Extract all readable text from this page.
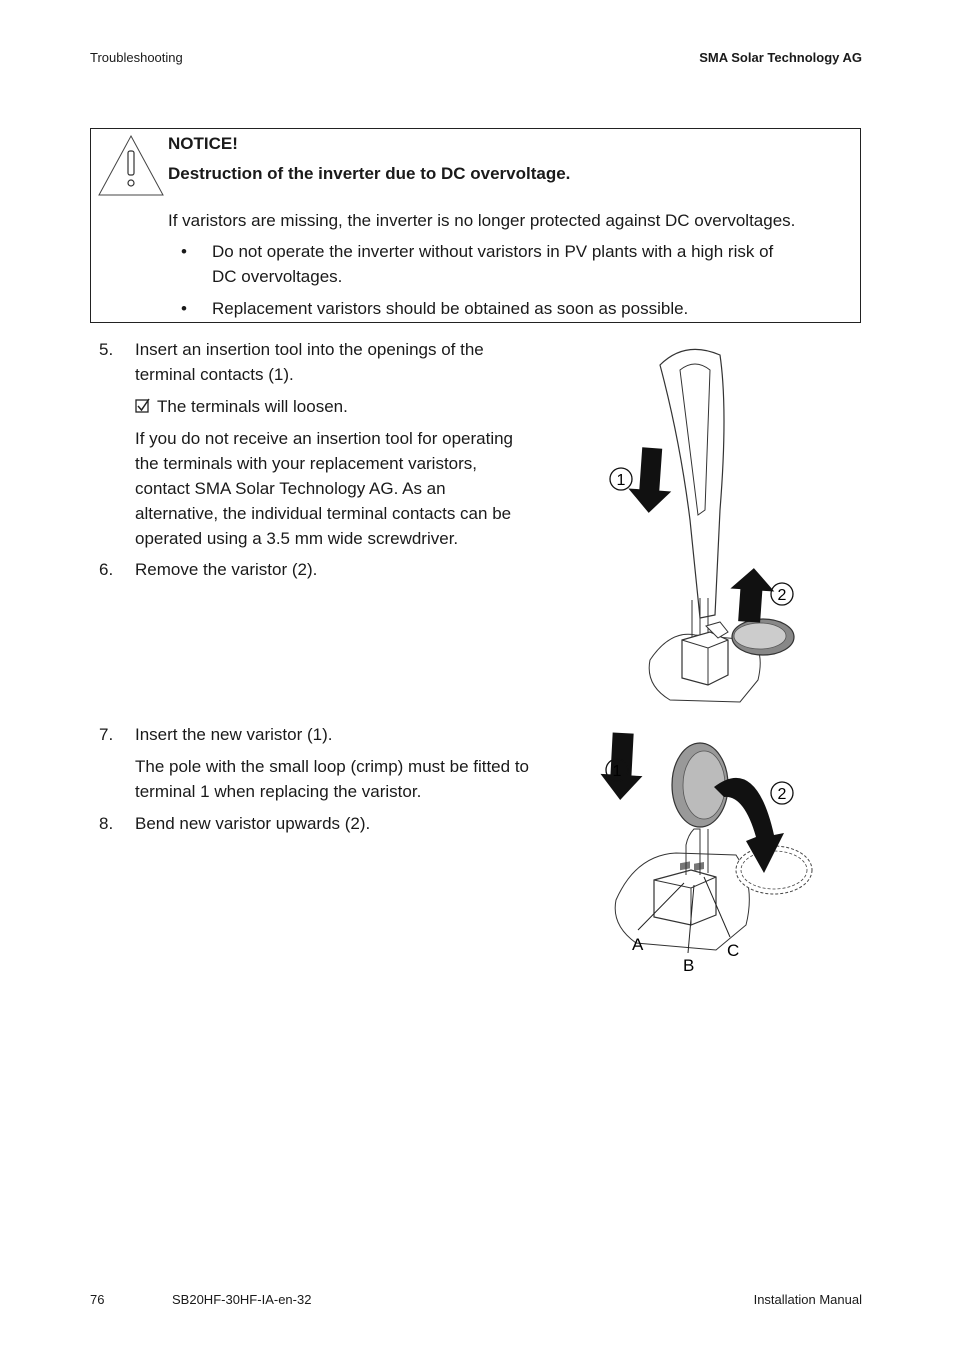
Troubleshooting	SMA Solar Technology AG
NOTICE!
Destruction of the inverter due to DC overvoltage.
If varistors are missing, the inverter is no longer protected against DC overvoltages.
• Do not operate the inverter without varistors in PV plants with a high risk of DC overvoltages.
• Replacement varistors should be obtained as soon as possible.
5.	Insert an insertion tool into the openings of the terminal contacts (1).
The terminals will loosen.
If you do not receive an insertion tool for operating the terminals with your replacement varistors, contact SMA Solar Technology AG. As an alternative, the individual terminal contacts can be operated using a 3.5 mm wide screwdriver.
6.	Remove the varistor (2).
1
2
7.	Insert the new varistor (1).
The pole with the small loop (crimp) must be fitted to terminal 1 when replacing the varistor.
8.	Bend new varistor upwards (2).
1
2
A
B
C
76	SB20HF-30HF-IA-en-32	Installation Manual
